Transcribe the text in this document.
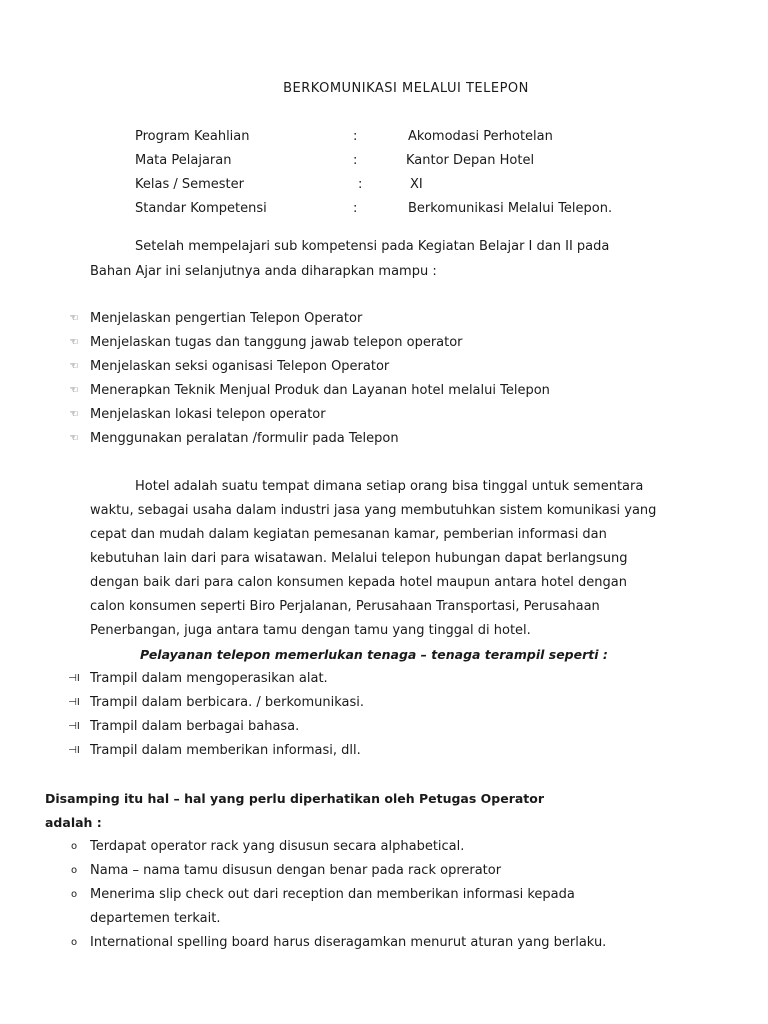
BERKOMUNIKASI MELALUI TELEPON
Program Keahlian	:	Akomodasi Perhotelan
Mata Pelajaran	:	Kantor Depan Hotel
Kelas / Semester	:	XI
Standar Kompetensi	:	Berkomunikasi Melalui Telepon.
Setelah mempelajari sub kompetensi pada Kegiatan Belajar I dan II pada
Bahan Ajar ini selanjutnya anda diharapkan mampu :
☜ Menjelaskan pengertian Telepon Operator
☜ Menjelaskan tugas dan tanggung jawab telepon operator
☜ Menjelaskan seksi oganisasi Telepon Operator
☜ Menerapkan Teknik Menjual Produk dan Layanan hotel melalui Telepon
☜ Menjelaskan lokasi telepon operator
☜ Menggunakan peralatan /formulir pada Telepon
Hotel adalah suatu tempat dimana setiap orang bisa tinggal untuk sementara
waktu, sebagai usaha dalam industri jasa yang membutuhkan sistem komunikasi yang
cepat dan mudah dalam kegiatan pemesanan kamar, pemberian informasi dan
kebutuhan lain dari para wisatawan. Melalui telepon hubungan dapat berlangsung
dengan baik dari para calon konsumen kepada hotel maupun antara hotel dengan
calon konsumen seperti Biro Perjalanan, Perusahaan Transportasi, Perusahaan
Penerbangan, juga antara tamu dengan tamu yang tinggal di hotel.
Pelayanan telepon memerlukan tenaga – tenaga terampil seperti :
⊣I Trampil dalam mengoperasikan alat.
⊣I Trampil dalam berbicara. / berkomunikasi.
⊣I Trampil dalam berbagai bahasa.
⊣I Trampil dalam memberikan informasi, dll.
Disamping itu hal – hal yang perlu diperhatikan oleh Petugas Operator
adalah :
o Terdapat operator rack yang disusun secara alphabetical.
o Nama – nama tamu disusun dengan benar pada rack oprerator
o Menerima slip check out dari reception dan memberikan informasi kepada
departemen terkait.
o International spelling board harus diseragamkan menurut aturan yang berlaku.
